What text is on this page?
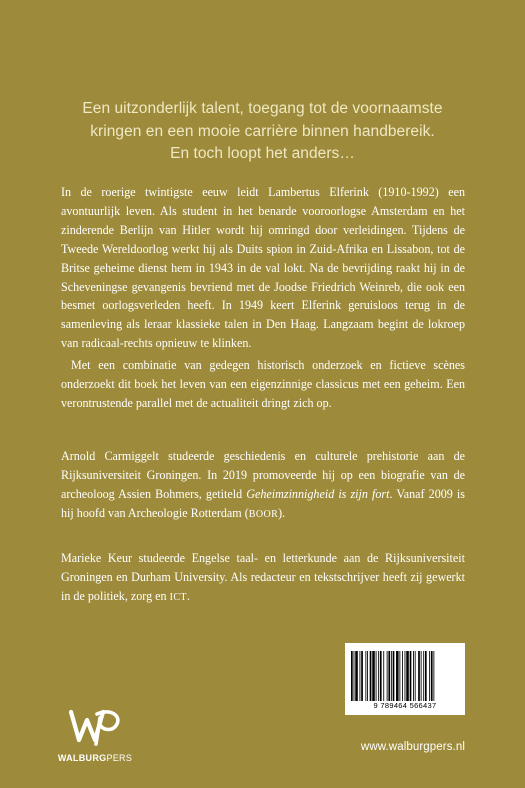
Een uitzonderlijk talent, toegang tot de voornaamste
kringen en een mooie carrière binnen handbereik.
En toch loopt het anders…

In de roerige twintigste eeuw leidt Lambertus Elferink (1910-1992) een avontuurlijk leven. Als student in het benarde vooroorlogse Amsterdam en het zinderende Berlijn van Hitler wordt hij omringd door verleidingen. Tijdens de Tweede Wereldoorlog werkt hij als Duits spion in Zuid-Afrika en Lissabon, tot de Britse geheime dienst hem in 1943 in de val lokt. Na de bevrijding raakt hij in de Scheveningse gevangenis bevriend met de Joodse Friedrich Weinreb, die ook een besmet oorlogsverleden heeft. In 1949 keert Elferink geruisloos terug in de samenleving als leraar klassieke talen in Den Haag. Langzaam begint de lokroep van radicaal-rechts opnieuw te klinken.

Met een combinatie van gedegen historisch onderzoek en fictieve scènes onderzoekt dit boek het leven van een eigenzinnige classicus met een geheim. Een verontrustende parallel met de actualiteit dringt zich op.

Arnold Carmiggelt studeerde geschiedenis en culturele prehistorie aan de Rijksuniversiteit Groningen. In 2019 promoveerde hij op een biografie van de archeoloog Assien Bohmers, getiteld Geheimzinnigheid is zijn fort. Vanaf 2009 is hij hoofd van Archeologie Rotterdam (BOOR).

Marieke Keur studeerde Engelse taal- en letterkunde aan de Rijksuniversiteit Groningen en Durham University. Als redacteur en tekstschrijver heeft zij gewerkt in de politiek, zorg en ICT.

9 789464 566437
WALBURGPERS
www.walburgpers.nl
